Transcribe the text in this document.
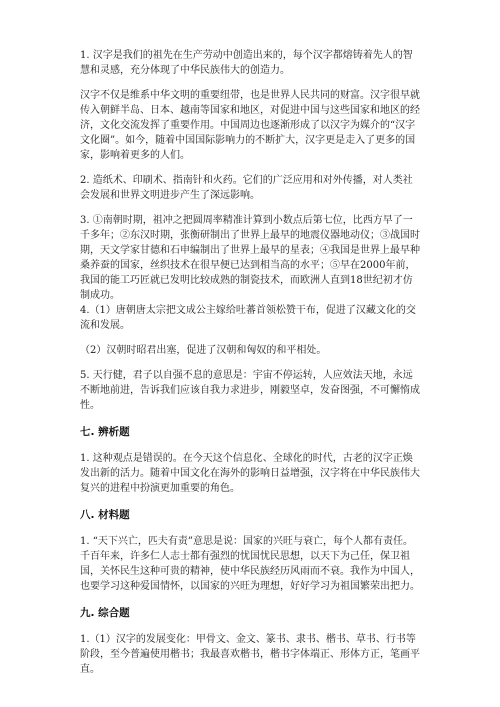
1. 汉字是我们的祖先在生产劳动中创造出来的，每个汉字都熔铸着先人的智慧和灵感，充分体现了中华民族伟大的创造力。

汉字不仅是维系中华文明的重要纽带，也是世界人民共同的财富。汉字很早就传入朝鲜半岛、日本、越南等国家和地区，对促进中国与这些国家和地区的经济，文化交流发挥了重要作用。中国周边也逐渐形成了以汉字为媒介的“汉字文化圈”。如今，随着中国国际影响力的不断扩大，汉字更是走入了更多的国家，影响着更多的人们。

2. 造纸术、印刷术、指南针和火药。它们的广泛应用和对外传播，对人类社会发展和世界文明进步产生了深远影响。

3. ①南朝时期，祖冲之把圆周率精准计算到小数点后第七位，比西方早了一千多年；②东汉时期，张衡研制出了世界上最早的地震仪器地动仪；③战国时期，天文学家甘德和石申编制出了世界上最早的星表；④我国是世界上最早种桑养蚕的国家，丝织技术在很早便已达到相当高的水平；⑤早在2000年前，我国的能工巧匠就已发明比较成熟的制瓷技术，而欧洲人直到18世纪初才仿制成功。

4.（1）唐朝唐太宗把文成公主嫁给吐蕃首领松赞干布，促进了汉藏文化的交流和发展。

（2）汉朝时昭君出塞，促进了汉朝和匈奴的和平相处。

5. 天行健，君子以自强不息的意思是：宇宙不停运转，人应效法天地，永远不断地前进，告诉我们应该自我力求进步，刚毅坚卓，发奋图强，不可懈惰成性。

七. 辨析题

1. 这种观点是错误的。在今天这个信息化、全球化的时代，古老的汉字正焕发出新的活力。随着中国文化在海外的影响日益增强，汉字将在中华民族伟大复兴的进程中扮演更加重要的角色。

八. 材料题

1. “天下兴亡，匹夫有责”意思是说：国家的兴旺与衰亡，每个人都有责任。千百年来，许多仁人志士都有强烈的忧国忧民思想，以天下为己任，保卫祖国，关怀民生这种可贵的精神，使中华民族经历风雨而不衰。我作为中国人，也要学习这种爱国情怀，以国家的兴旺为理想，好好学习为祖国繁荣出把力。

九. 综合题

1.（1）汉字的发展变化：甲骨文、金文、篆书、隶书、楷书、草书、行书等阶段，至今普遍使用楷书；我最喜欢楷书，楷书字体端正、形体方正，笔画平直。
